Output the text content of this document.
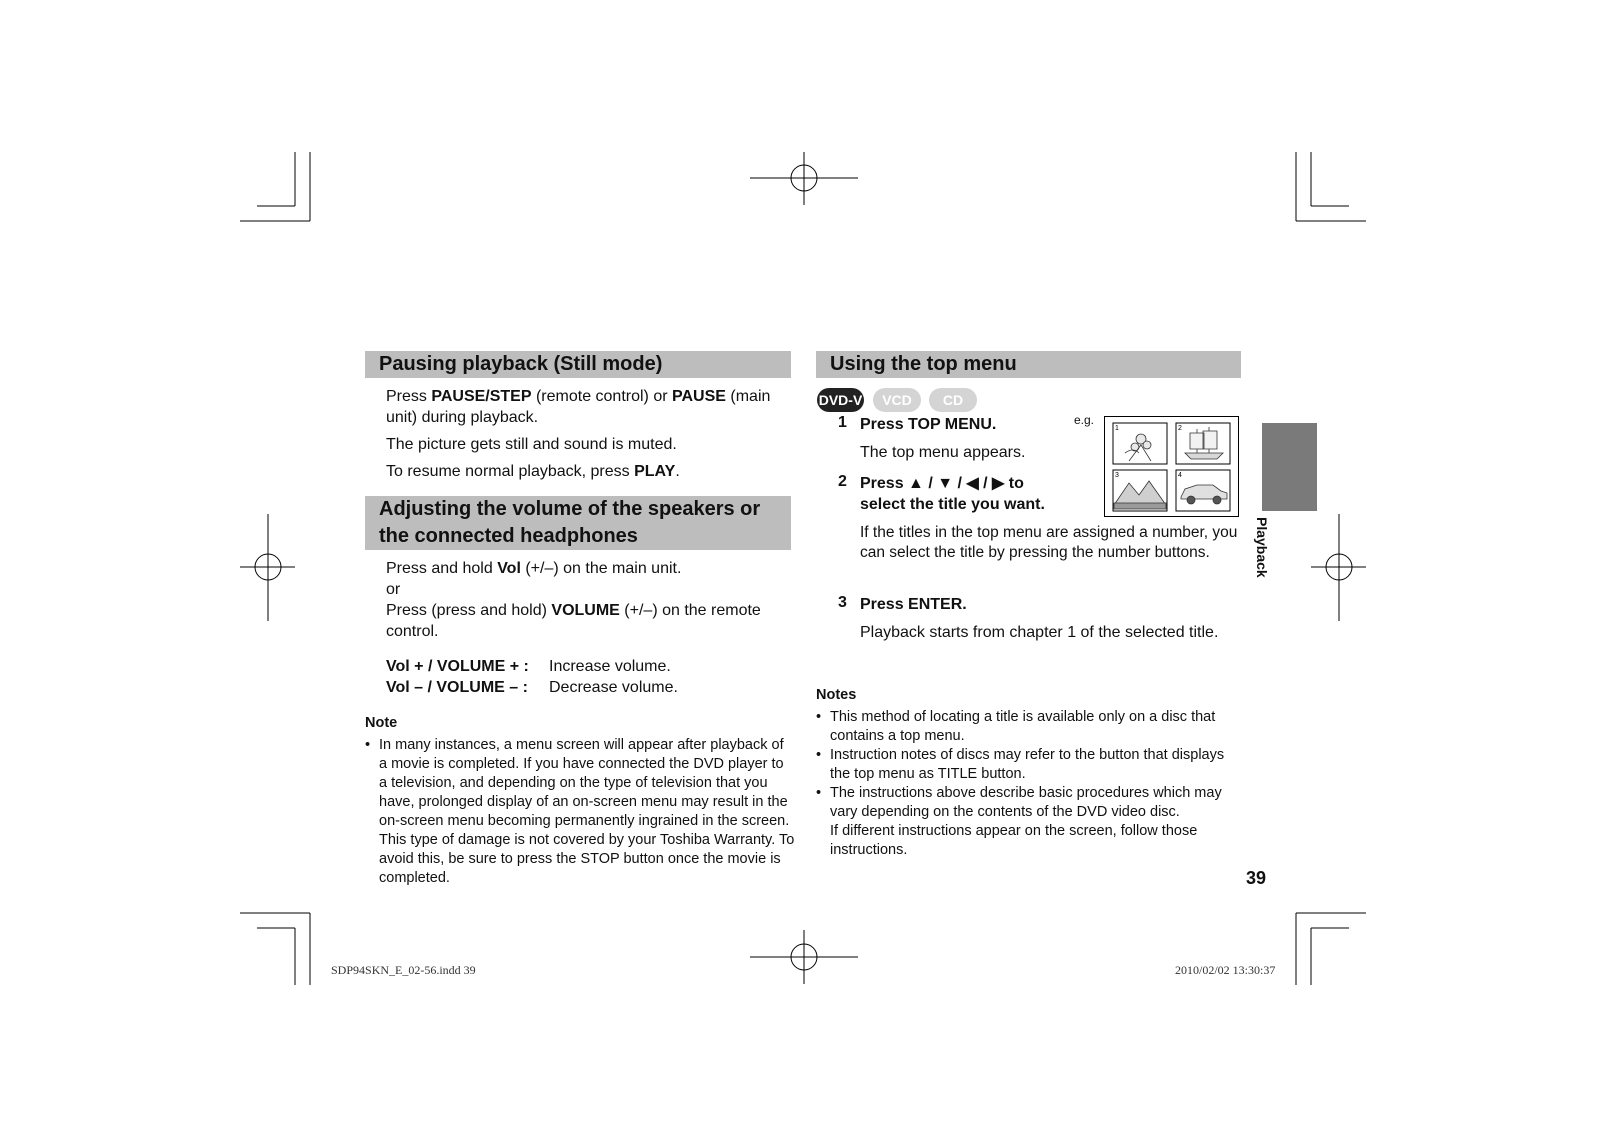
Pausing playback (Still mode)

Press PAUSE/STEP (remote control) or PAUSE (main unit) during playback.

The picture gets still and sound is muted.

To resume normal playback, press PLAY.

Adjusting the volume of the speakers or
the connected headphones
Press and hold Vol (+/–) on the main unit.
or
Press (press and hold) VOLUME (+/–) on the remote control.
Vol + / VOLUME + : Increase volume.
Vol – / VOLUME – : Decrease volume.
Note
• In many instances, a menu screen will appear after playback of a movie is completed. If you have connected the DVD player to a television, and depending on the type of television that you have, prolonged display of an on-screen menu may result in the on-screen menu becoming permanently ingrained in the screen. This type of damage is not covered by your Toshiba Warranty. To avoid this, be sure to press the STOP button once the movie is completed.
Using the top menu
DVD-V	VCD	CD
1 Press TOP MENU.
The top menu appears.
2 Press ▲ / ▼ / ◀ / ▶ to
select the title you want.
e.g.
1	2
3	4
If the titles in the top menu are assigned a number, you can select the title by pressing the number buttons.
3 Press ENTER.
Playback starts from chapter 1 of the selected title.
Notes
• This method of locating a title is available only on a disc that contains a top menu.
• Instruction notes of discs may refer to the button that displays the top menu as TITLE button.
• The instructions above describe basic procedures which may vary depending on the contents of the DVD video disc.
If different instructions appear on the screen, follow those instructions.
Playback
39
SDP94SKN_E_02-56.indd 39	2010/02/02 13:30:37
